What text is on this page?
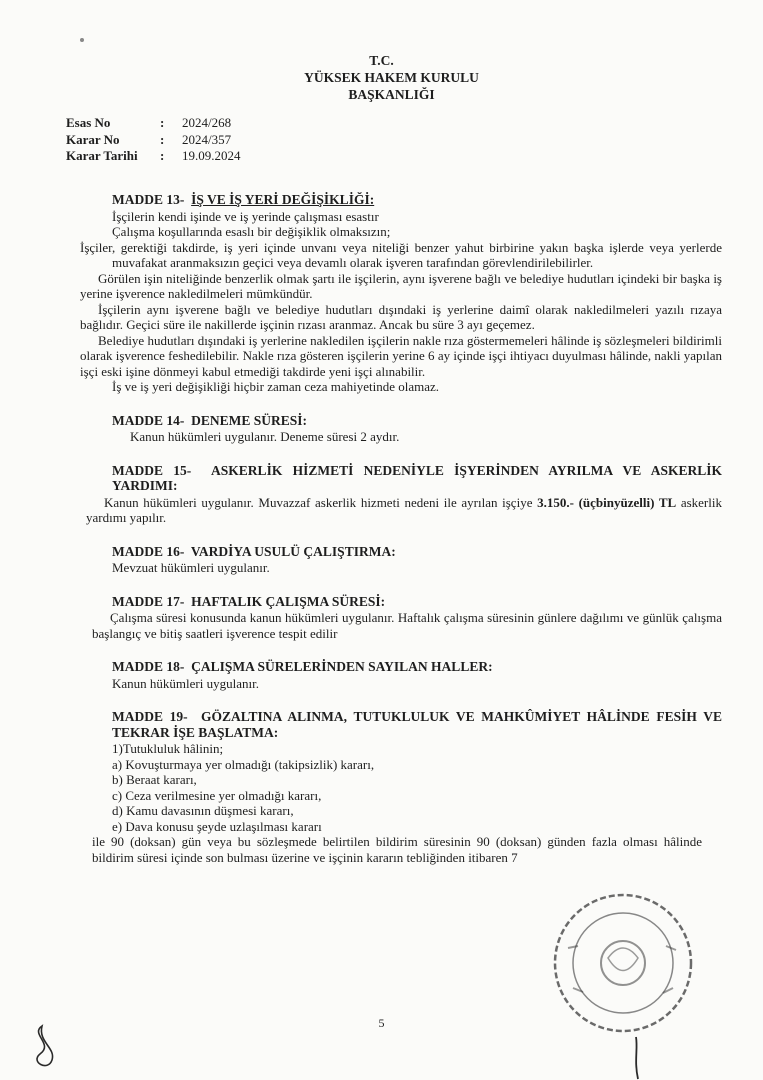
T.C.
YÜKSEK HAKEM KURULU
BAŞKANLIĞI
Esas No	:	2024/268
Karar No	:	2024/357
Karar Tarihi	:	19.09.2024
MADDE 13- İŞ VE İŞ YERİ DEĞİŞİKLİĞİ:
İşçilerin kendi işinde ve iş yerinde çalışması esastır
Çalışma koşullarında esaslı bir değişiklik olmaksızın;
İşçiler, gerektiği takdirde, iş yeri içinde unvanı veya niteliği benzer yahut birbirine yakın başka işlerde veya yerlerde muvafakat aranmaksızın geçici veya devamlı olarak işveren tarafından görevlendirilebilirler.
Görülen işin niteliğinde benzerlik olmak şartı ile işçilerin, aynı işverene bağlı ve belediye hudutları içindeki bir başka iş yerine işverence nakledilmeleri mümkündür.
İşçilerin aynı işverene bağlı ve belediye hudutları dışındaki iş yerlerine daimî olarak nakledilmeleri yazılı rızaya bağlıdır. Geçici süre ile nakillerde işçinin rızası aranmaz. Ancak bu süre 3 ayı geçemez.
Belediye hudutları dışındaki iş yerlerine nakledilen işçilerin nakle rıza göstermemeleri hâlinde iş sözleşmeleri bildirimli olarak işverence feshedilebilir. Nakle rıza gösteren işçilerin yerine 6 ay içinde işçi ihtiyacı duyulması hâlinde, nakli yapılan işçi eski işine dönmeyi kabul etmediği takdirde yeni işçi alınabilir.
İş ve iş yeri değişikliği hiçbir zaman ceza mahiyetinde olamaz.
MADDE 14- DENEME SÜRESİ:
Kanun hükümleri uygulanır. Deneme süresi 2 aydır.
MADDE 15- ASKERLİK HİZMETİ NEDENİYLE İŞYERİNDEN AYRILMA VE ASKERLİK YARDIMI:
Kanun hükümleri uygulanır. Muvazzaf askerlik hizmeti nedeni ile ayrılan işçiye 3.150.- (üçbinyüzelli) TL askerlik yardımı yapılır.
MADDE 16- VARDİYA USULÜ ÇALIŞTIRMA:
Mevzuat hükümleri uygulanır.
MADDE 17- HAFTALIK ÇALIŞMA SÜRESİ:
Çalışma süresi konusunda kanun hükümleri uygulanır. Haftalık çalışma süresinin günlere dağılımı ve günlük çalışma başlangıç ve bitiş saatleri işverence tespit edilir
MADDE 18- ÇALIŞMA SÜRELERİNDEN SAYILAN HALLER:
Kanun hükümleri uygulanır.
MADDE 19- GÖZALTINA ALINMA, TUTUKLULUK VE MAHKÛMİYET HÂLİNDE FESİH VE TEKRAR İŞE BAŞLATMA:
1)Tutukluluk hâlinin;
a) Kovuşturmaya yer olmadığı (takipsizlik) kararı,
b) Beraat kararı,
c) Ceza verilmesine yer olmadığı kararı,
d) Kamu davasının düşmesi kararı,
e) Dava konusu şeyde uzlaşılması kararı
ile 90 (doksan) gün veya bu sözleşmede belirtilen bildirim süresinin 90 (doksan) günden fazla olması hâlinde bildirim süresi içinde son bulması üzerine ve işçinin kararın tebliğinden itibaren 7
5
